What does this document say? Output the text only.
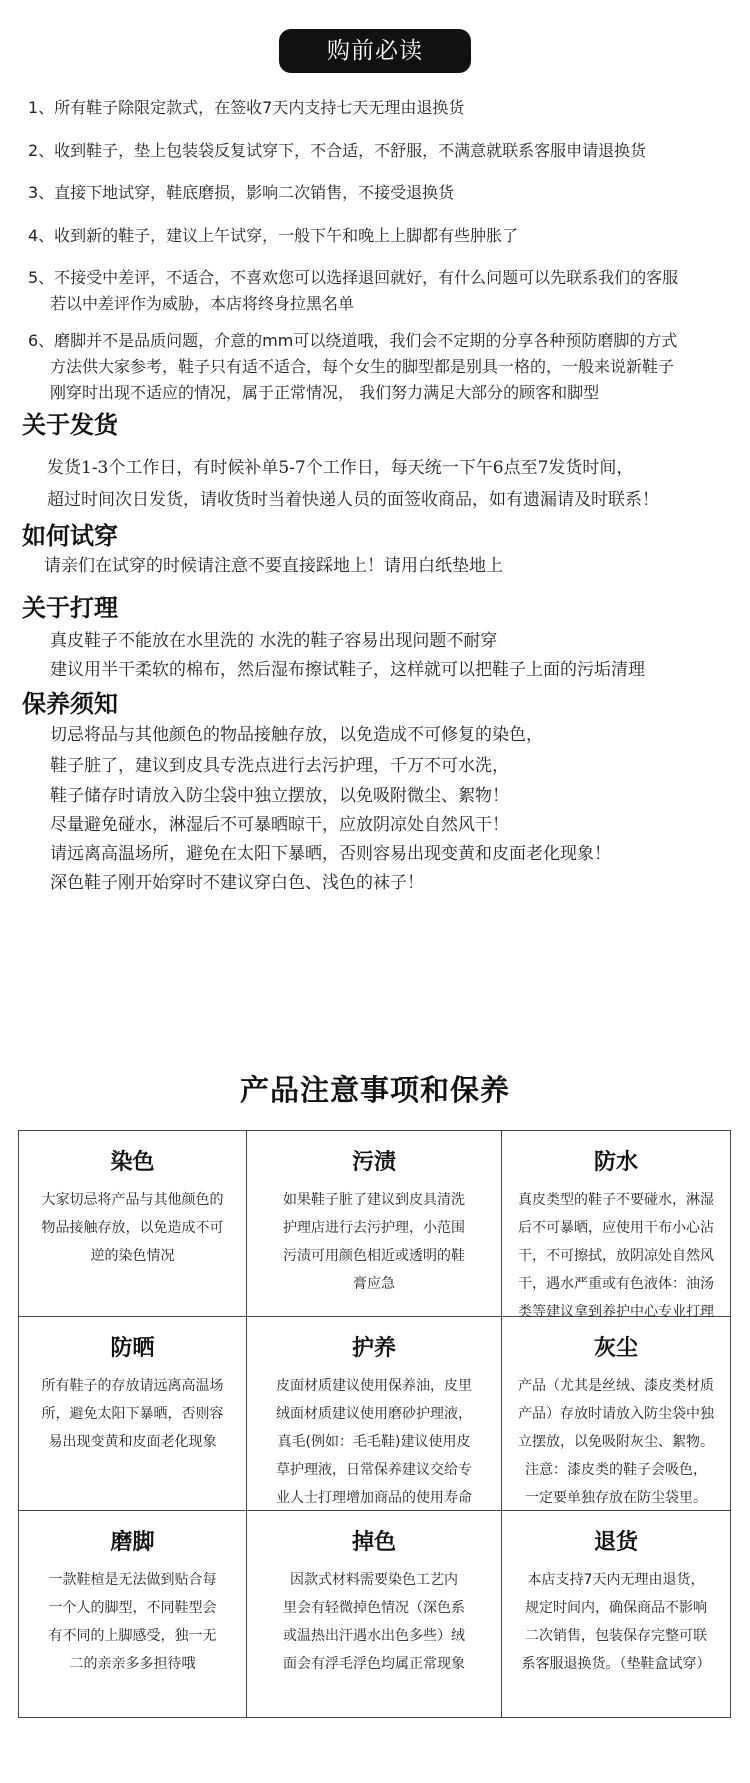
购前必读
1、所有鞋子除限定款式，在签收7天内支持七天无理由退换货
2、收到鞋子，垫上包装袋反复试穿下，不合适，不舒服，不满意就联系客服申请退换货
3、直接下地试穿，鞋底磨损，影响二次销售，不接受退换货
4、收到新的鞋子，建议上午试穿，一般下午和晚上上脚都有些肿胀了
5、不接受中差评，不适合，不喜欢您可以选择退回就好，有什么问题可以先联系我们的客服
若以中差评作为威胁，本店将终身拉黑名单
6、磨脚并不是品质问题，介意的mm可以绕道哦，我们会不定期的分享各种预防磨脚的方式
方法供大家参考，鞋子只有适不适合，每个女生的脚型都是别具一格的，一般来说新鞋子
刚穿时出现不适应的情况，属于正常情况， 我们努力满足大部分的顾客和脚型
关于发货
发货1-3个工作日，有时候补单5-7个工作日，每天统一下午6点至7发货时间，
超过时间次日发货，请收货时当着快递人员的面签收商品，如有遗漏请及时联系！
如何试穿
请亲们在试穿的时候请注意不要直接踩地上！请用白纸垫地上
关于打理
真皮鞋子不能放在水里洗的 水洗的鞋子容易出现问题不耐穿
建议用半干柔软的棉布，然后湿布擦试鞋子，这样就可以把鞋子上面的污垢清理
保养须知
切忌将品与其他颜色的物品接触存放，以免造成不可修复的染色，
鞋子脏了，建议到皮具专洗点进行去污护理，千万不可水洗，
鞋子储存时请放入防尘袋中独立摆放，以免吸附微尘、絮物！
尽量避免碰水，淋湿后不可暴晒晾干，应放阴凉处自然风干！
请远离高温场所，避免在太阳下暴晒，否则容易出现变黄和皮面老化现象！
深色鞋子刚开始穿时不建议穿白色、浅色的袜子！
产品注意事项和保养
染色
大家切忌将产品与其他颜色的
物品接触存放，以免造成不可
逆的染色情况
污渍
如果鞋子脏了建议到皮具清洗
护理店进行去污护理，小范围
污渍可用颜色相近或透明的鞋
膏应急
防水
真皮类型的鞋子不要碰水，淋湿
后不可暴晒，应使用干布小心沾
干，不可擦拭，放阴凉处自然风
干，遇水严重或有色液体：油汤
类等建议拿到养护中心专业打理
防晒
所有鞋子的存放请远离高温场
所，避免太阳下暴晒，否则容
易出现变黄和皮面老化现象
护养
皮面材质建议使用保养油，皮里
绒面材质建议使用磨砂护理液，
真毛(例如：毛毛鞋)建议使用皮
草护理液，日常保养建议交给专
业人士打理增加商品的使用寿命
灰尘
产品（尤其是丝绒、漆皮类材质
产品）存放时请放入防尘袋中独
立摆放，以免吸附灰尘、絮物。
注意：漆皮类的鞋子会吸色，
一定要单独存放在防尘袋里。
磨脚
一款鞋楦是无法做到贴合每
一个人的脚型，不同鞋型会
有不同的上脚感受，独一无
二的亲亲多多担待哦
掉色
因款式材料需要染色工艺内
里会有轻微掉色情况（深色系
或温热出汗遇水出色多些）绒
面会有浮毛浮色均属正常现象
退货
本店支持7天内无理由退货，
规定时间内，确保商品不影响
二次销售，包装保存完整可联
系客服退换货。（垫鞋盒试穿）
